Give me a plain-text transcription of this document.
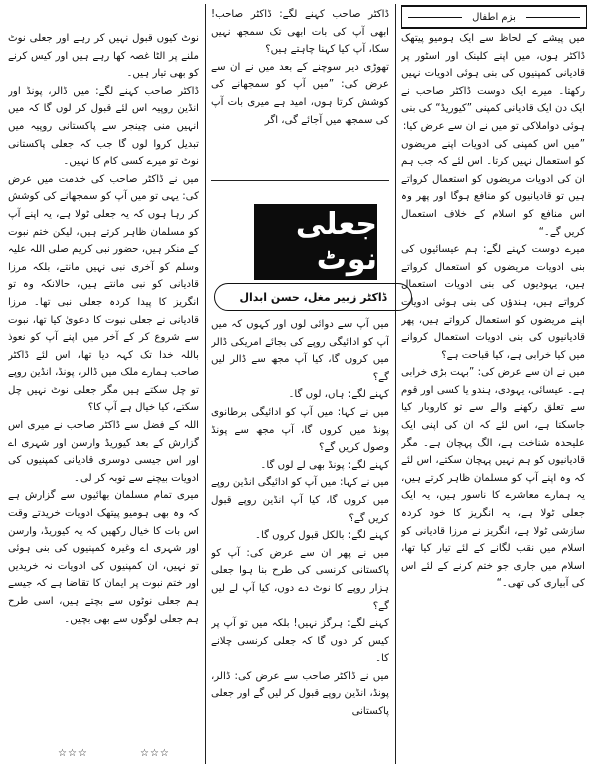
بزم اطفال

میں پیشے کے لحاظ سے ایک ہومیو پیتھک ڈاکٹر ہوں، میں اپنے کلینک اور اسٹور پر قادیانی کمپنیوں کی بنی ہوئی ادویات نہیں رکھتا۔ میرے ایک دوست ڈاکٹر صاحب نے ایک دن ایک قادیانی کمپنی ”کیوریڈ“ کی بنی ہوئی دواملاکی تو میں نے ان سے عرض کیا:

”میں اس کمپنی کی ادویات اپنے مریضوں کو استعمال نہیں کرتا۔ اس لئے کہ جب ہم ان کی ادویات مریضوں کو استعمال کرواتے ہیں تو قادیانیوں کو منافع ہوگا اور پھر وہ اس منافع کو اسلام کے خلاف استعمال کریں گے۔“

میرے دوست کہنے لگے: ہم عیسائیوں کی بنی ادویات مریضوں کو استعمال کرواتے ہیں، یہودیوں کی بنی ادویات استعمال کرواتے ہیں، ہندؤں کی بنی ہوئی ادویات اپنے مریضوں کو استعمال کرواتے ہیں، پھر قادیانیوں کی بنی ادویات استعمال کروانے میں کیا خرابی ہے، کیا قباحت ہے؟

میں نے ان سے عرض کی: ”بہت بڑی خرابی ہے۔ عیسائی، یہودی، ہندو یا کسی اور قوم سے تعلق رکھنے والے سے تو کاروبار کیا جاسکتا ہے، اس لئے کہ ان کی اپنی ایک علیحدہ شناخت ہے، الگ پہچان ہے۔ مگر قادیانیوں کو ہم نہیں پہچان سکتے، اس لئے کہ وہ اپنے آپ کو مسلمان ظاہر کرتے ہیں، یہ ہمارے معاشرے کا ناسور ہیں، یہ ایک جعلی ٹولا ہے، یہ انگریز کا خود کردہ سازشی ٹولا ہے، انگریز نے مرزا قادیانی کو اسلام میں نقب لگانے کے لئے تیار کیا تھا، اسلام میں جاری جو ختم کرنے کے لئے اس کی آبیاری کی تھی۔“

ڈاکٹر صاحب کہنے لگے: ڈاکٹر صاحب! ابھی آپ کی بات ابھی تک سمجھ نہیں سکا، آپ کیا کہنا چاہتے ہیں؟

تھوڑی دیر سوچنے کے بعد میں نے ان سے عرض کی: ”میں آپ کو سمجھانے کی کوشش کرتا ہوں، امید ہے میری بات آپ کی سمجھ میں آجائے گی، اگر

جعلی نوٹ
ڈاکٹر زبیر مغل، حسن ابدال

میں آپ سے دوائی لوں اور کہوں کہ میں آپ کو ادائیگی روپے کی بجائے امریکی ڈالر میں کروں گا، کیا آپ مجھ سے ڈالر لیں گے؟

کہنے لگے: ہاں، لوں گا۔

میں نے کہا: میں آپ کو ادائیگی برطانوی پونڈ میں کروں گا، آپ مجھ سے پونڈ وصول کریں گے؟

کہنے لگے: پونڈ بھی لے لوں گا۔

میں نے کہا: میں آپ کو ادائیگی انڈین روپے میں کروں گا، کیا آپ انڈین روپے قبول کریں گے؟

کہنے لگے: بالکل قبول کروں گا۔

میں نے پھر ان سے عرض کی: آپ کو پاکستانی کرنسی کی طرح بنا ہوا جعلی ہزار روپے کا نوٹ دے دوں، کیا آپ لے لیں گے؟

کہنے لگے: ہرگز نہیں! بلکہ میں تو آپ پر کیس کر دوں گا کہ جعلی کرنسی چلانے کا۔

میں نے ڈاکٹر صاحب سے عرض کی: ڈالر، پونڈ، انڈین روپے قبول کر لیں گے اور جعلی پاکستانی

نوٹ کیوں قبول نہیں کر رہے اور جعلی نوٹ ملنے پر الٹا غصہ کھا رہے ہیں اور کیس کرنے کو بھی تیار ہیں۔

ڈاکٹر صاحب کہنے لگے: میں ڈالر، پونڈ اور انڈین روپیہ اس لئے قبول کر لوں گا کہ میں انہیں منی چینجر سے پاکستانی روپیہ میں تبدیل کروا لوں گا جب کہ جعلی پاکستانی نوٹ تو میرے کسی کام کا نہیں۔

میں نے ڈاکٹر صاحب کی خدمت میں عرض کی: یہی تو میں آپ کو سمجھانے کی کوشش کر رہا ہوں کہ یہ جعلی ٹولا ہے، یہ اپنے آپ کو مسلمان ظاہر کرتے ہیں، لیکن ختم نبوت کے منکر ہیں، حضور نبی کریم صلی اللہ علیہ وسلم کو آخری نبی نہیں مانتے، بلکہ مرزا قادیانی کو نبی مانتے ہیں، حالانکہ وہ تو انگریز کا پیدا کردہ جعلی نبی تھا۔ مرزا قادیانی نے جعلی نبوت کا دعویٰ کیا تھا، نبوت سے شروع کر کے آخر میں اپنے آپ کو نعوذ باللہ خدا تک کہہ دیا تھا، اس لئے ڈاکٹر صاحب ہمارے ملک میں ڈالر، پونڈ، انڈین روپے تو چل سکتے ہیں مگر جعلی نوٹ نہیں چل سکتے، کیا خیال ہے آپ کا؟

اللہ کے فضل سے ڈاکٹر صاحب نے میری اس گزارش کے بعد کیوریڈ وارسن اور شہری اے اور اس جیسی دوسری قادیانی کمپنیوں کی ادویات بیچنے سے توبہ کر لی۔

میری تمام مسلمان بھائیوں سے گزارش ہے کہ وہ بھی ہومیو پیتھک ادویات خریدتے وقت اس بات کا خیال رکھیں کہ یہ کیوریڈ، وارسن اور شہری اے وغیرہ کمپنیوں کی بنی ہوئی تو نہیں، ان کمپنیوں کی ادویات نہ خریدیں اور ختم نبوت پر ایمان کا تقاضا ہے کہ جیسے ہم جعلی نوٹوں سے بچتے ہیں، اسی طرح ہم جعلی لوگوں سے بھی بچیں۔

☆☆☆	☆☆☆
